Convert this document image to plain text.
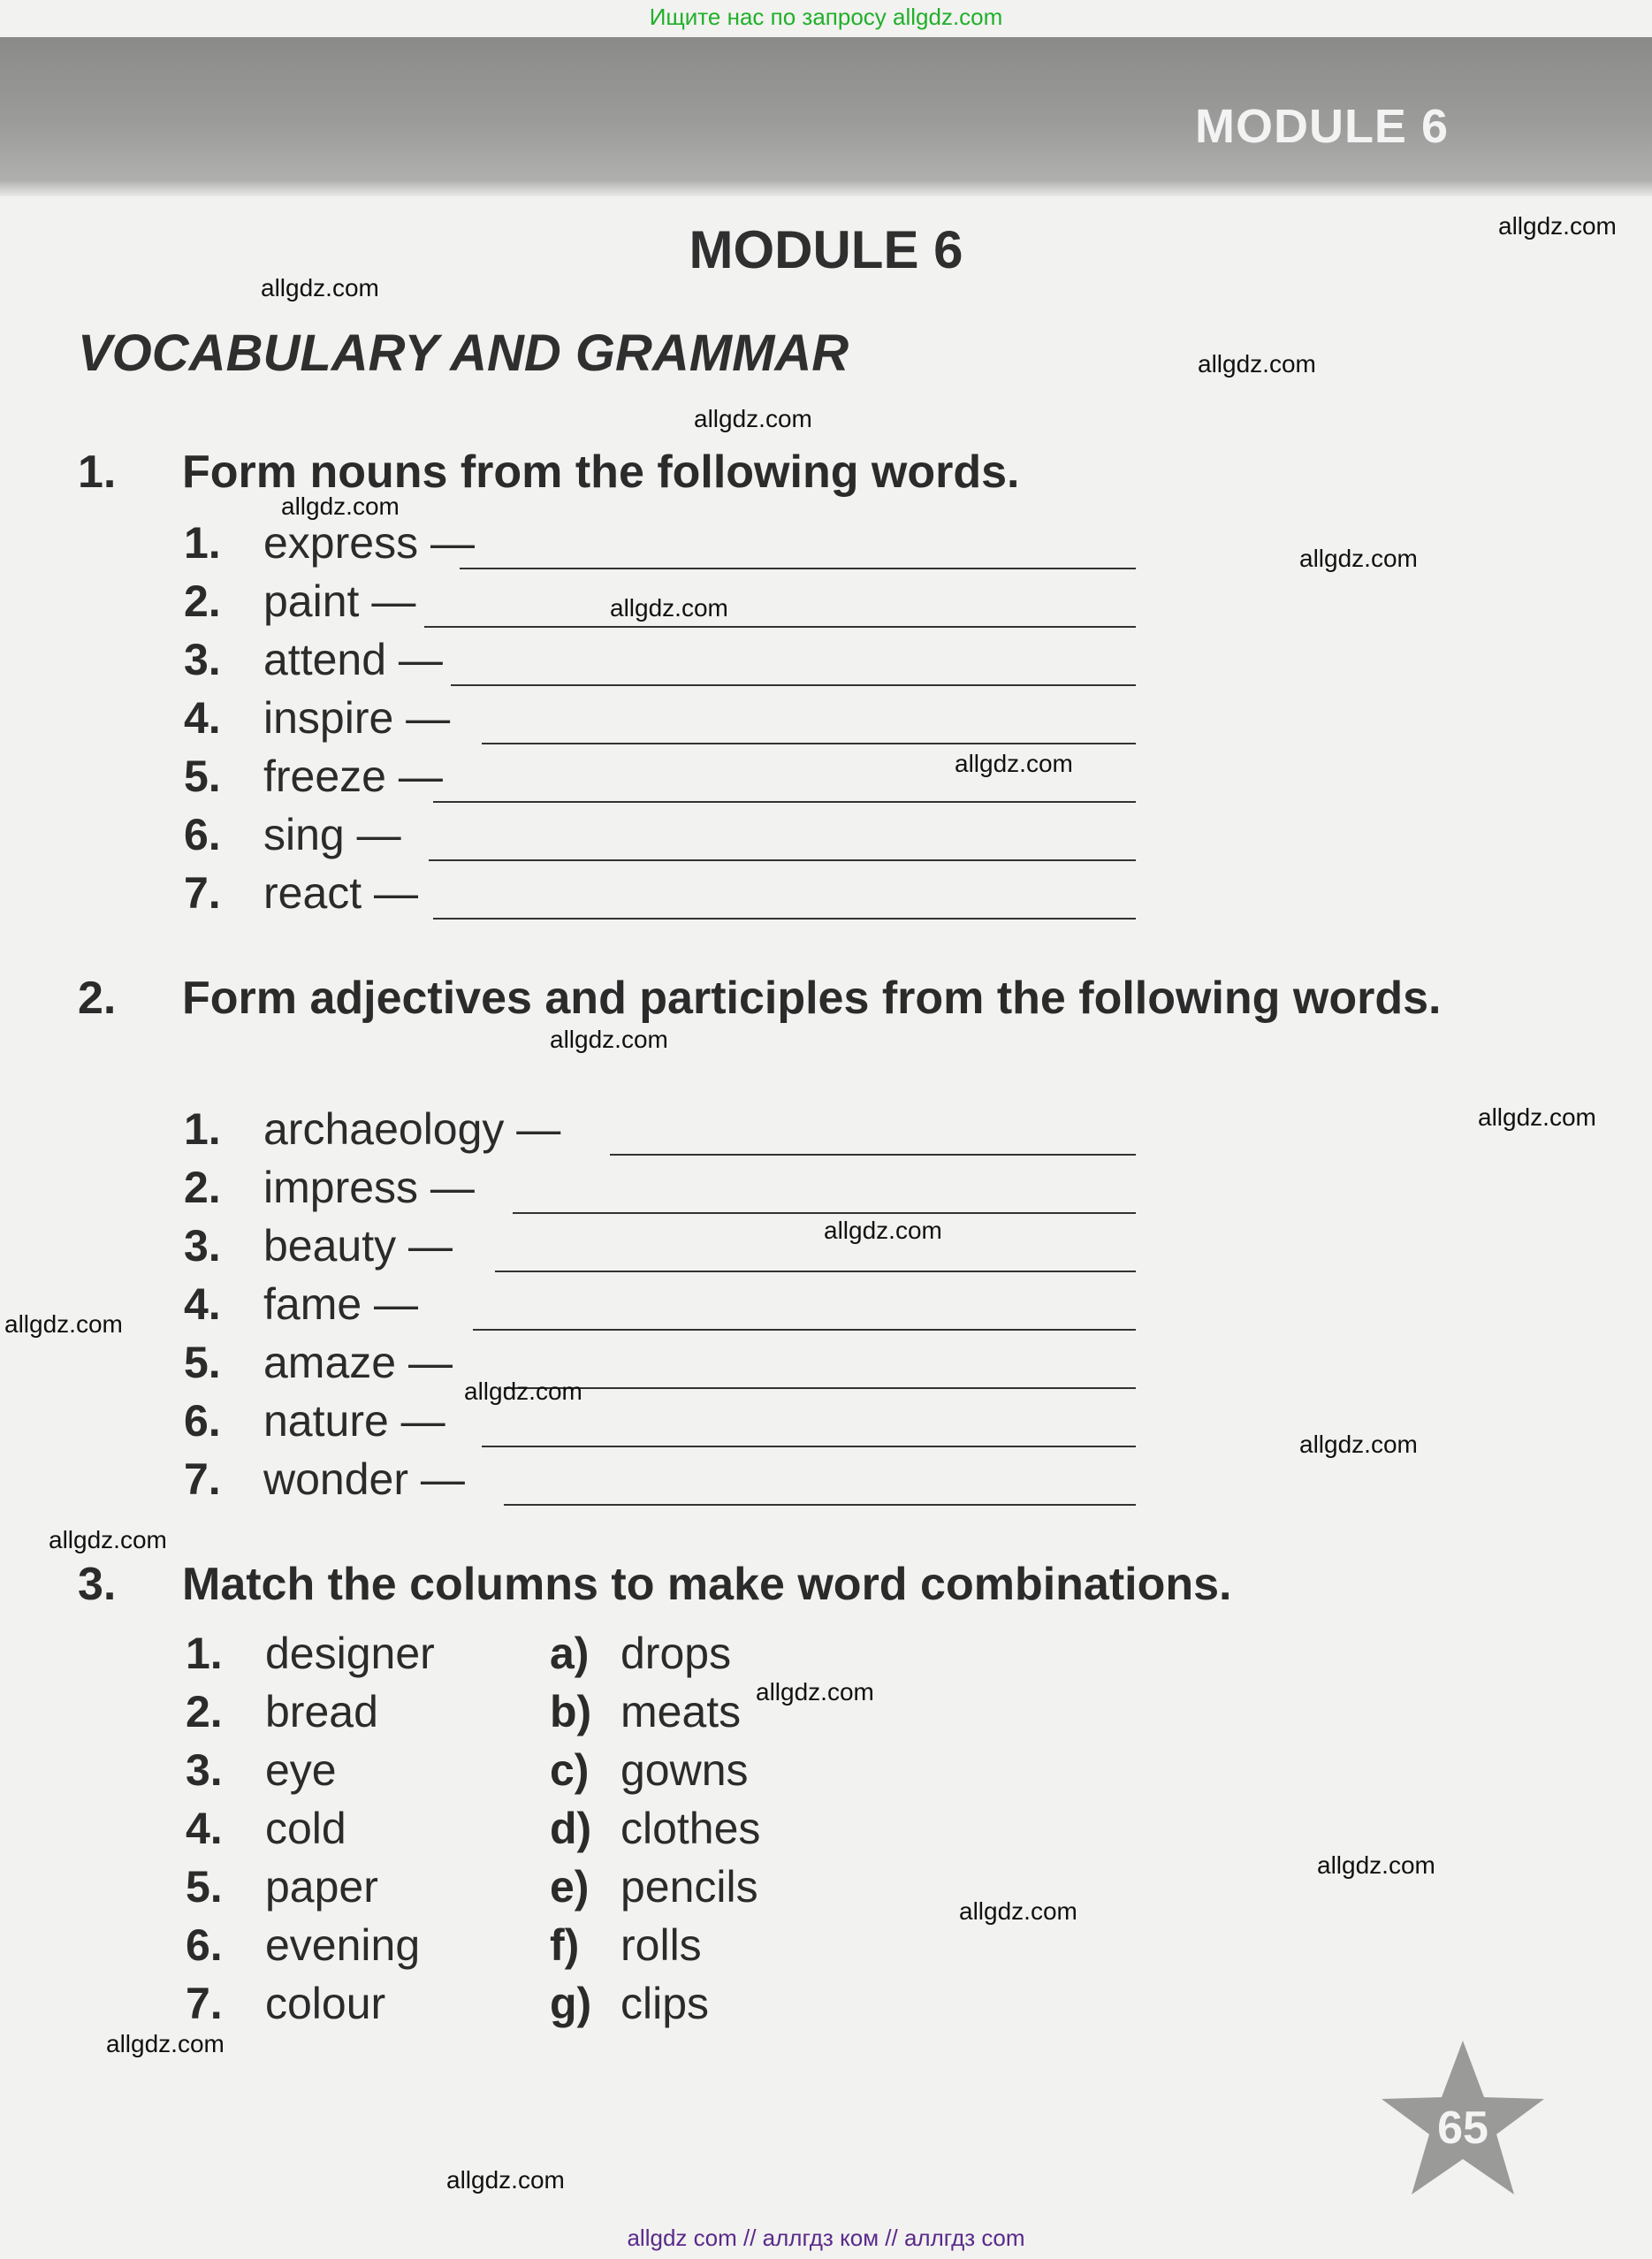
Ищите нас по запросу allgdz.com
MODULE 6
MODULE 6
VOCABULARY AND GRAMMAR
1. Form nouns from the following words.
1. express —
2. paint —
3. attend —
4. inspire —
5. freeze —
6. sing —
7. react —
2. Form adjectives and participles from the following words.
1. archaeology —
2. impress —
3. beauty —
4. fame —
5. amaze —
6. nature —
7. wonder —
3. Match the columns to make word combinations.
1. designer
2. bread
3. eye
4. cold
5. paper
6. evening
7. colour
a) drops
b) meats
c) gowns
d) clothes
e) pencils
f) rolls
g) clips
65
allgdz.com
allgdz.com
allgdz.com
allgdz.com
allgdz.com
allgdz.com
allgdz.com
allgdz.com
allgdz.com
allgdz.com
allgdz.com
allgdz.com
allgdz.com
allgdz.com
allgdz.com
allgdz.com
allgdz.com
allgdz.com
allgdz.com
allgdz.com
allgdz com // аллгдз ком // аллгдз com
